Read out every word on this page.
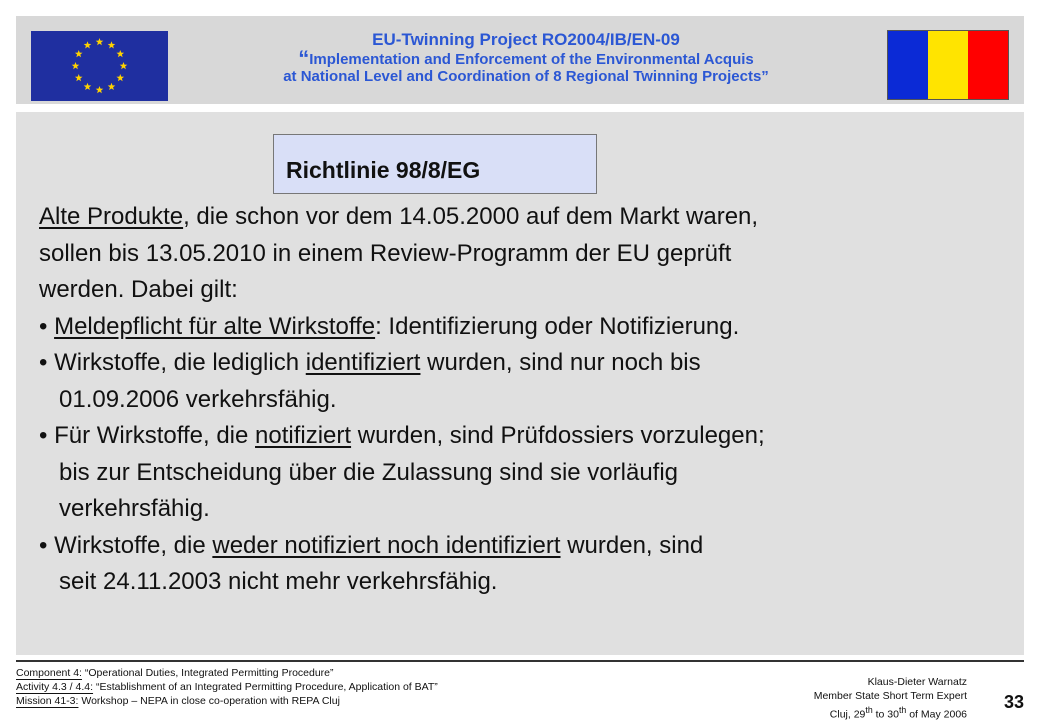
EU-Twinning Project RO2004/IB/EN-09
“Implementation and Enforcement of the Environmental Acquis
at National Level and Coordination of 8 Regional Twinning Projects”
Richtlinie 98/8/EG
Alte Produkte, die schon vor dem 14.05.2000 auf dem Markt waren,
sollen bis 13.05.2010 in einem Review-Programm der EU geprüft
werden. Dabei gilt:
• Meldepflicht für alte Wirkstoffe: Identifizierung oder Notifizierung.
• Wirkstoffe, die lediglich identifiziert wurden, sind nur noch bis
01.09.2006 verkehrsfähig.
• Für Wirkstoffe, die notifiziert wurden, sind Prüfdossiers vorzulegen;
bis zur Entscheidung über die Zulassung sind sie vorläufig
verkehrsfähig.
• Wirkstoffe, die weder notifiziert noch identifiziert wurden, sind
seit 24.11.2003 nicht mehr verkehrsfähig.
Component 4: “Operational Duties, Integrated Permitting Procedure”
Activity 4.3 / 4.4: “Establishment of an Integrated Permitting Procedure, Application of BAT”
Mission 41-3: Workshop – NEPA in close co-operation with REPA Cluj
Klaus-Dieter Warnatz
Member State Short Term Expert
Cluj, 29th to 30th of May 2006
33
